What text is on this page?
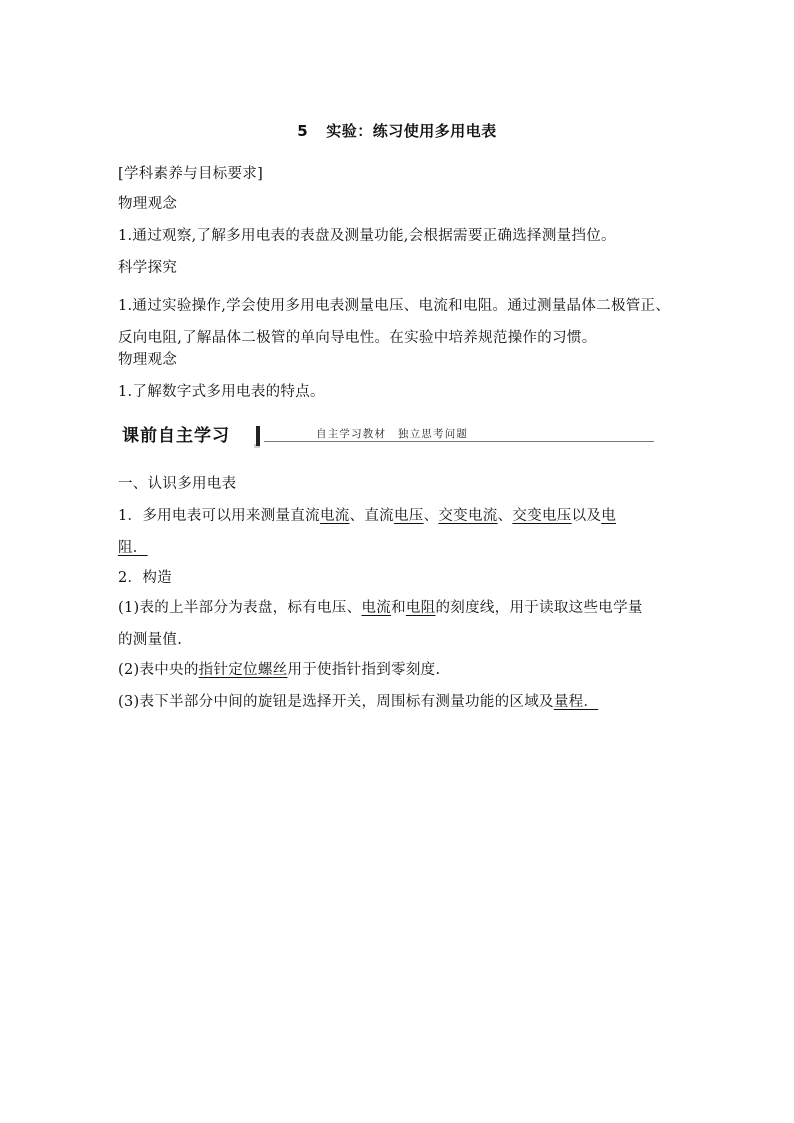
5 实验：练习使用多用电表
[学科素养与目标要求]
物理观念
1.通过观察,了解多用电表的表盘及测量功能,会根据需要正确选择测量挡位。
科学探究
1.通过实验操作,学会使用多用电表测量电压、电流和电阻。通过测量晶体二极管正、反向电阻,了解晶体二极管的单向导电性。在实验中培养规范操作的习惯。
物理观念
1.了解数字式多用电表的特点。
课前自主学习	自主学习教材　独立思考问题
一、认识多用电表
1．多用电表可以用来测量直流电流、直流电压、交变电流、交变电压以及电
阻．
2．构造
(1)表的上半部分为表盘，标有电压、电流和电阻的刻度线，用于读取这些电学量
的测量值.
(2)表中央的指针定位螺丝用于使指针指到零刻度.
(3)表下半部分中间的旋钮是选择开关，周围标有测量功能的区域及量程．
